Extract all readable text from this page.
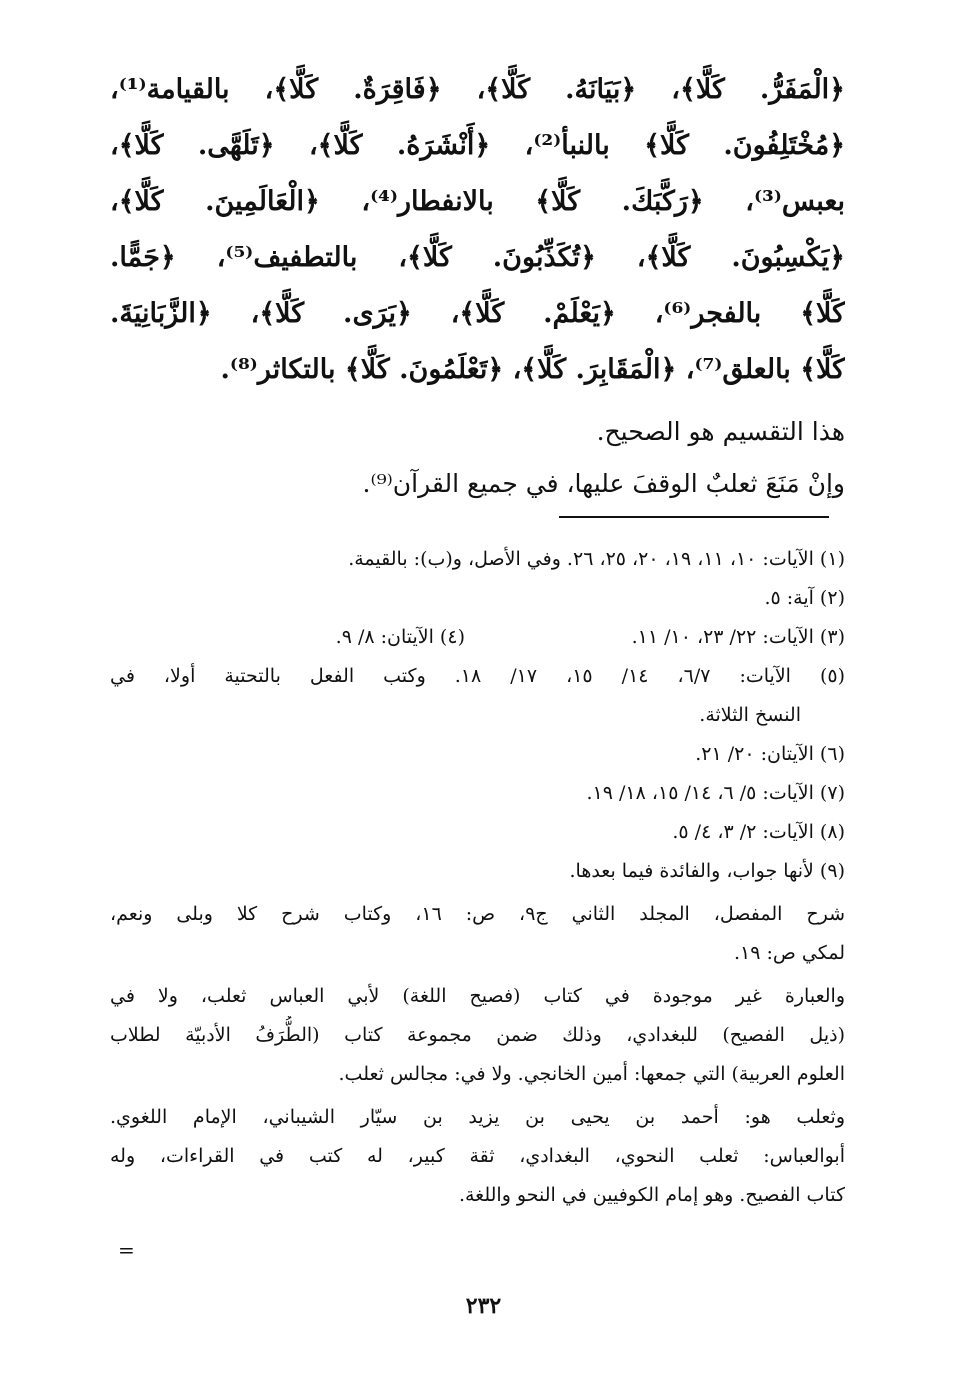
﴿الْمَفَرُّ. كَلَّا﴾، ﴿بَيَانَهُ. كَلَّا﴾، ﴿فَاقِرَةٌ. كَلَّا﴾، بالقيامة⁽¹⁾،
﴿مُخْتَلِفُونَ. كَلَّا﴾ بالنبأ⁽²⁾، ﴿أَنْشَرَهُ. كَلَّا﴾، ﴿تَلَهَّى. كَلَّا﴾،
بعبس⁽³⁾، ﴿رَكَّبَكَ. كَلَّا﴾ بالانفطار⁽⁴⁾، ﴿الْعَالَمِينَ. كَلَّا﴾،
﴿يَكْسِبُونَ. كَلَّا﴾، ﴿تُكَذِّبُونَ. كَلَّا﴾، بالتطفيف⁽⁵⁾، ﴿جَمًّا.
كَلَّا﴾ بالفجر⁽⁶⁾، ﴿يَعْلَمْ. كَلَّا﴾، ﴿يَرَى. كَلَّا﴾، ﴿الزَّبَانِيَةَ.
كَلَّا﴾ بالعلق⁽⁷⁾، ﴿الْمَقَابِرَ. كَلَّا﴾، ﴿تَعْلَمُونَ. كَلَّا﴾ بالتكاثر⁽⁸⁾.
هذا التقسيم هو الصحيح.
وإنْ مَنَعَ ثعلبٌ الوقفَ عليها، في جميع القرآن⁽⁹⁾.
(١) الآيات: ١٠، ١١، ١٩، ٢٠، ٢٥، ٢٦. وفي الأصل، و(ب): بالقيمة.
(٢) آية: ٥.
(٣) الآيات: ٢٢/ ٢٣، ١٠/ ١١.
(٤) الآيتان: ٨/ ٩.
(٥) الآيات: ٦/٧، ١٤/ ١٥، ١٧/ ١٨. وكتب الفعل بالتحتية أولا، في
النسخ الثلاثة.
(٦) الآيتان: ٢٠/ ٢١.
(٧) الآيات: ٥/ ٦، ١٤/ ١٥، ١٨/ ١٩.
(٨) الآيات: ٢/ ٣، ٤/ ٥.
(٩) لأنها جواب، والفائدة فيما بعدها.
شرح المفصل، المجلد الثاني ج٩، ص: ١٦، وكتاب شرح كلا وبلى ونعم،
لمكي ص: ١٩.
والعبارة غير موجودة في كتاب (فصيح اللغة) لأبي العباس ثعلب، ولا في
(ذيل الفصيح) للبغدادي، وذلك ضمن مجموعة كتاب (الطُّرَفُ الأدبيّة لطلاب
العلوم العربية) التي جمعها: أمين الخانجي. ولا في: مجالس ثعلب.
وثعلب هو: أحمد بن يحيى بن يزيد بن سيّار الشيباني، الإمام اللغوي.
أبوالعباس: ثعلب النحوي، البغدادي، ثقة كبير، له كتب في القراءات، وله
كتاب الفصيح. وهو إمام الكوفيين في النحو واللغة.
=
٢٣٢
